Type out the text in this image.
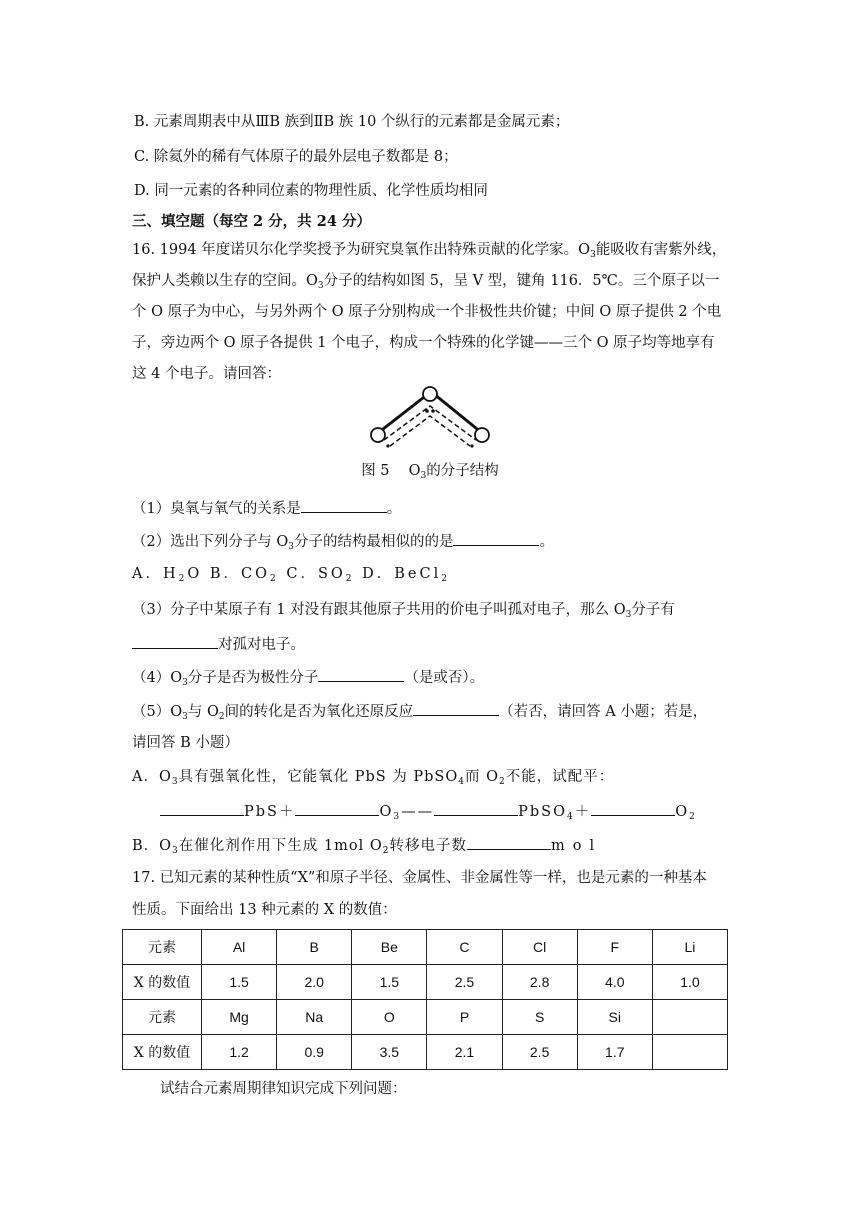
B. 元素周期表中从ⅢB 族到ⅡB 族 10 个纵行的元素都是金属元素；
C. 除氦外的稀有气体原子的最外层电子数都是 8；
D. 同一元素的各种同位素的物理性质、化学性质均相同
三、填空题（每空 2 分，共 24 分）
16. 1994 年度诺贝尔化学奖授予为研究臭氧作出特殊贡献的化学家。$O_3$能吸收有害紫外线，
保护人类赖以生存的空间。$O_3$分子的结构如图 5，呈 V 型，键角 116．5℃。三个原子以一
个 O 原子为中心，与另外两个 O 原子分别构成一个非极性共价键；中间 O 原子提供 2 个电
子，旁边两个 O 原子各提供 1 个电子，构成一个特殊的化学键——三个 O 原子均等地享有
这 4 个电子。请回答：
图 5　 $O_3$的分子结构
（1）臭氧与氧气的关系是	。
（2）选出下列分子与 $O_3$分子的结构最相似的的是	。
A．$H_2O$ B．$CO_2$ C．$SO_2$ D．BeCl$_2$
（3）分子中某原子有 1 对没有跟其他原子共用的价电子叫孤对电子，那么 $O_3$分子有
对孤对电子。
$(4)O_3$分子是否为极性分子	（是或否）。
$(5)O_3$与 $O_2$间的转化是否为氧化还原反应	（若否，请回答 A 小题；若是，
请回答 B 小题）
A．$O_3$具有强氧化性，它能氧化 PbS 为 PbSO$_4$而 $O_2$不能，试配平：
PbS＋	$O_3——$	PbSO$_4$＋	$O_2$
B．$O_3$在催化剂作用下生成 1mol $O_2$转移电子数	mol
17. 已知元素的某种性质“X”和原子半径、金属性、非金属性等一样，也是元素的一种基本
性质。下面给出 13 种元素的 X 的数值：
元素	Al	B	Be	C	Cl	F	Li
X 的数值	1.5	2.0	1.5	2.5	2.8	4.0	1.0
元素	Mg	Na	O	P	S	Si	
X 的数值	1.2	0.9	3.5	2.1	2.5	1.7	
试结合元素周期律知识完成下列问题：
